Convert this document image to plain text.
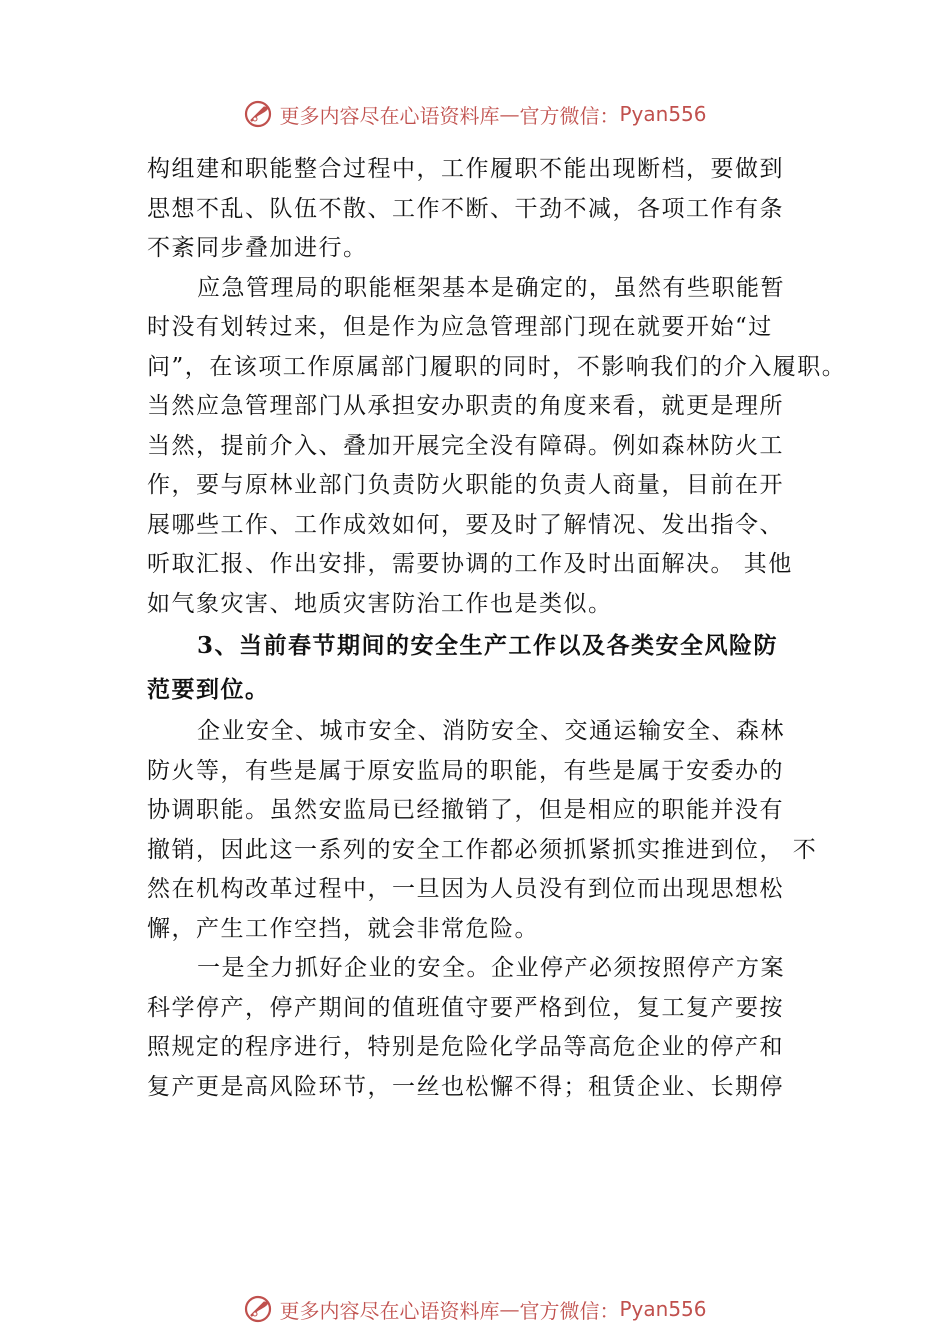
更多内容尽在心语资料库 — 官方微信： Pyan556
构组建和职能整合过程中，工作履职不能出现断档，要做到
思想不乱、队伍不散、工作不断、干劲不减，各项工作有条
不紊同步叠加进行。
应急管理局的职能框架基本是确定的，虽然有些职能暂
时没有划转过来，但是作为应急管理部门现在就要开始“过
问”，在该项工作原属部门履职的同时，不影响我们的介入履职。
当然应急管理部门从承担安办职责的角度来看，就更是理所
当然，提前介入、叠加开展完全没有障碍。例如森林防火工
作，要与原林业部门负责防火职能的负责人商量，目前在开
展哪些工作、工作成效如何，要及时了解情况、发出指令、
听取汇报、作出安排，需要协调的工作及时出面解决。 其他
如气象灾害、地质灾害防治工作也是类似。
3、当前春节期间的安全生产工作以及各类安全风险防
范要到位。
企业安全、城市安全、消防安全、交通运输安全、森林
防火等，有些是属于原安监局的职能，有些是属于安委办的
协调职能。虽然安监局已经撤销了，但是相应的职能并没有
撤销，因此这一系列的安全工作都必须抓紧抓实推进到位， 不
然在机构改革过程中，一旦因为人员没有到位而出现思想松
懈，产生工作空挡，就会非常危险。
一是全力抓好企业的安全。企业停产必须按照停产方案
科学停产，停产期间的值班值守要严格到位，复工复产要按
照规定的程序进行，特别是危险化学品等高危企业的停产和
复产更是高风险环节，一丝也松懈不得；租赁企业、长期停
更多内容尽在心语资料库 — 官方微信： Pyan556
